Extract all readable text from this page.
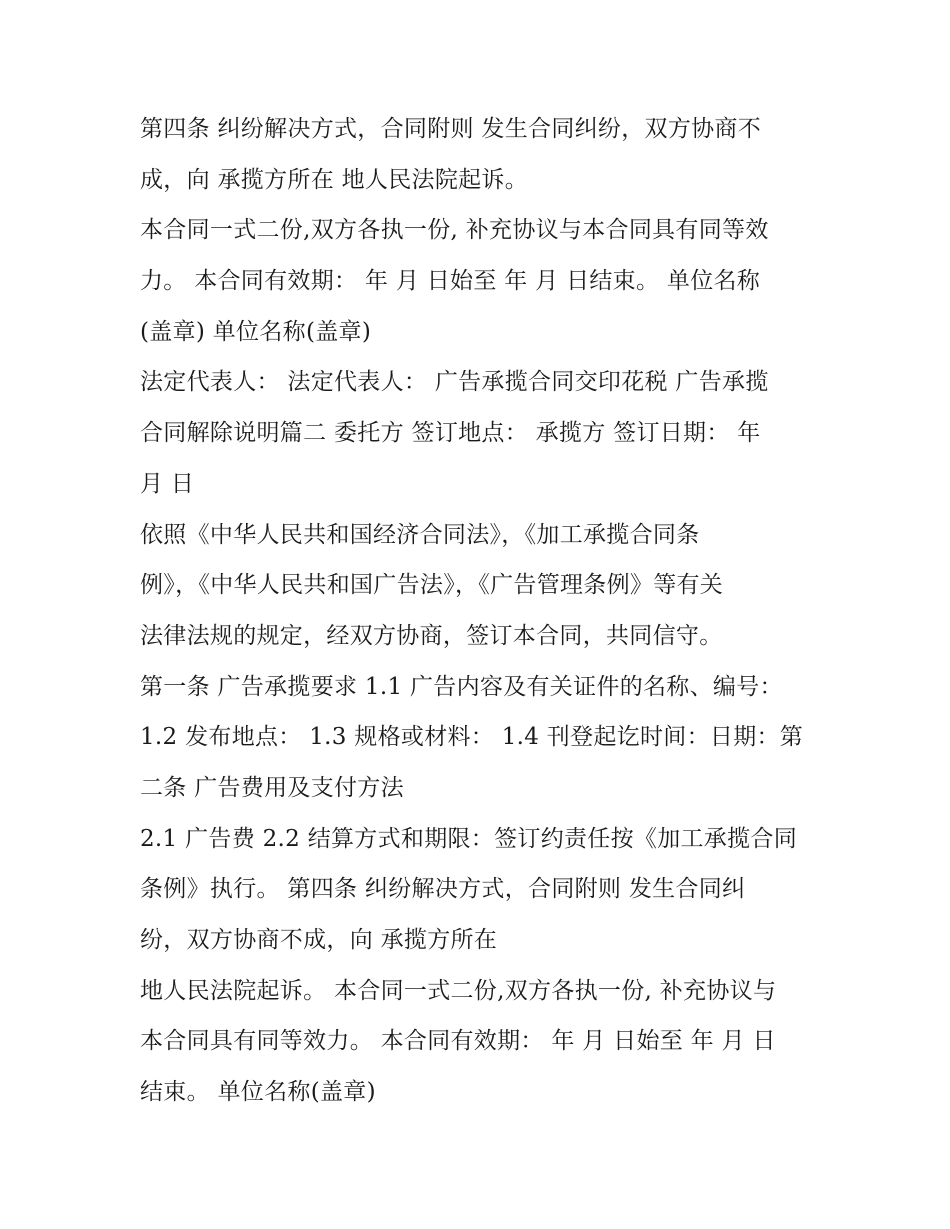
第四条 纠纷解决方式，合同附则 发生合同纠纷，双方协商不
成，向 承揽方所在 地人民法院起诉。
本合同一式二份,双方各执一份, 补充协议与本合同具有同等效
力。 本合同有效期： 年 月 日始至 年 月 日结束。 单位名称
(盖章) 单位名称(盖章)
法定代表人： 法定代表人： 广告承揽合同交印花税 广告承揽
合同解除说明篇二 委托方 签订地点： 承揽方 签订日期： 年
月 日
依照《中华人民共和国经济合同法》，《加工承揽合同条
例》，《中华人民共和国广告法》，《广告管理条例》等有关
法律法规的规定，经双方协商，签订本合同，共同信守。
第一条 广告承揽要求 1.1 广告内容及有关证件的名称、编号：
1.2 发布地点： 1.3 规格或材料： 1.4 刊登起讫时间：日期：第
二条 广告费用及支付方法
2.1 广告费 2.2 结算方式和期限：签订约责任按《加工承揽合同
条例》执行。 第四条 纠纷解决方式，合同附则 发生合同纠
纷，双方协商不成，向 承揽方所在
地人民法院起诉。 本合同一式二份,双方各执一份, 补充协议与
本合同具有同等效力。 本合同有效期： 年 月 日始至 年 月 日
结束。 单位名称(盖章)
